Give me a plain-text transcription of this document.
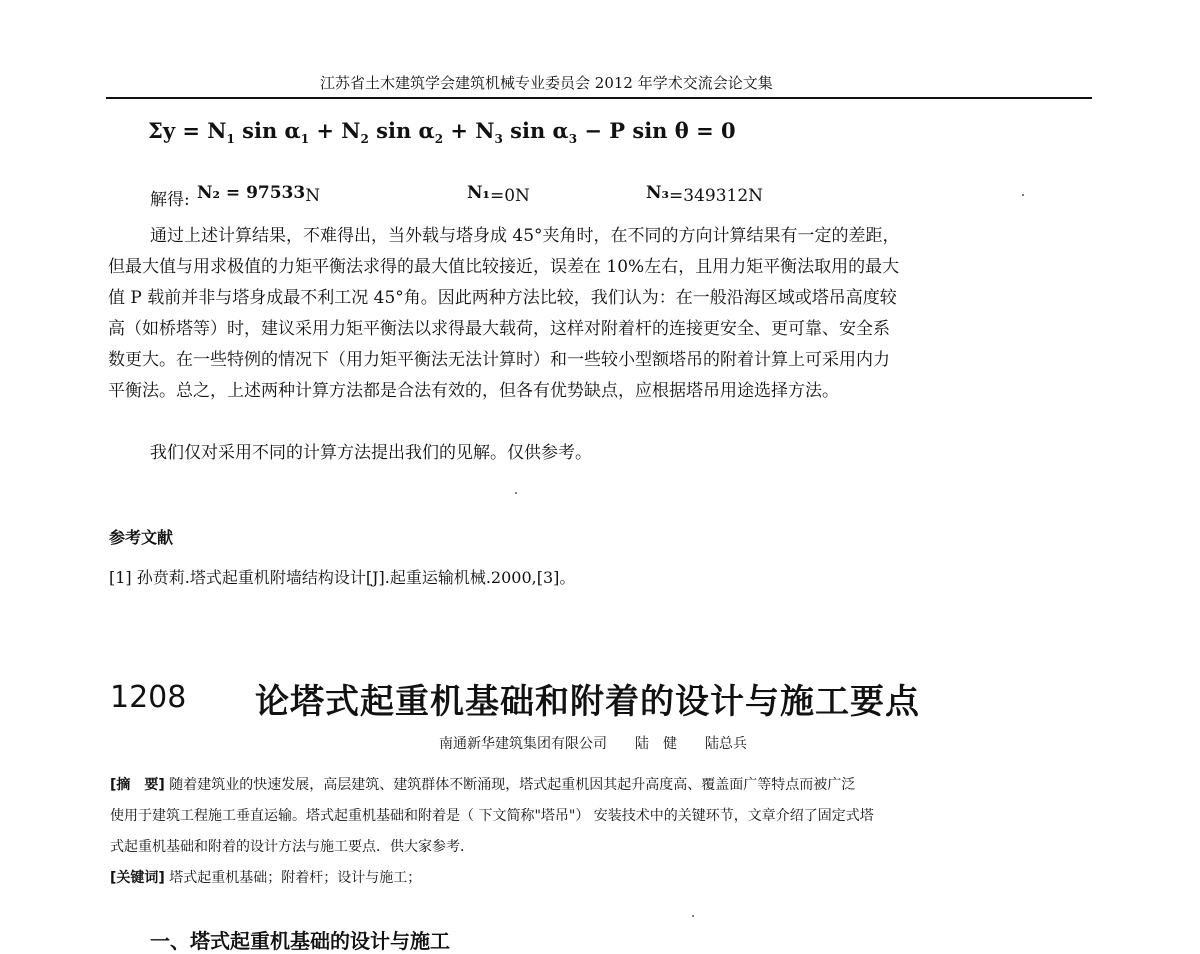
江苏省土木建筑学会建筑机械专业委员会 2012 年学术交流会论文集
$\Sigma y = N_1$ $\sin \alpha_1 + N_2$ $\sin \alpha_2 + N_3$ $\sin \alpha_3 - P$ sin θ = 0
解得: N₂ = 97533N	N₁=0N	N₃=349312N
通过上述计算结果，不难得出，当外载与塔身成 45°夹角时，在不同的方向计算结果有一定的差距，
但最大值与用求极值的力矩平衡法求得的最大值比较接近，误差在 10%左右，且用力矩平衡法取用的最大
值 P 载前并非与塔身成最不利工况 45°角。因此两种方法比较，我们认为：在一般沿海区域或塔吊高度较
高（如桥塔等）时，建议采用力矩平衡法以求得最大载荷，这样对附着杆的连接更安全、更可靠、安全系
数更大。在一些特例的情况下（用力矩平衡法无法计算时）和一些较小型额塔吊的附着计算上可采用内力
平衡法。总之，上述两种计算方法都是合法有效的，但各有优势缺点，应根据塔吊用途选择方法。
我们仅对采用不同的计算方法提出我们的见解。仅供参考。
参考文献
[1] 孙贲莉.塔式起重机附墙结构设计[J].起重运输机械.2000,[3]。
1208 论塔式起重机基础和附着的设计与施工要点
南通新华建筑集团有限公司　　陆　健　　陆总兵
[摘　要] 随着建筑业的快速发展，高层建筑、建筑群体不断涌现，塔式起重机因其起升高度高、覆盖面广等特点而被广泛
使用于建筑工程施工垂直运输。塔式起重机基础和附着是（ 下文简称"塔吊"） 安装技术中的关键环节，文章介绍了固定式塔
式起重机基础和附着的设计方法与施工要点．供大家参考．
[关键词] 塔式起重机基础；附着杆；设计与施工；
一、塔式起重机基础的设计与施工
